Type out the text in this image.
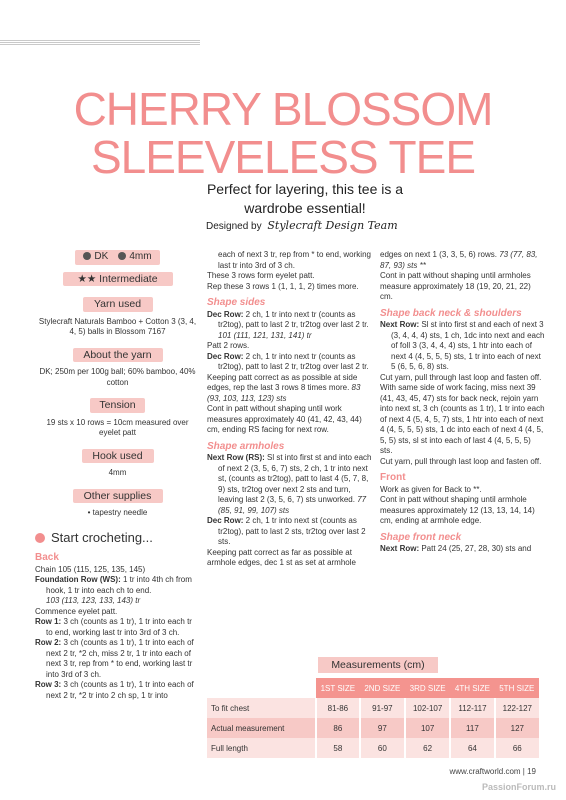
CHERRY BLOSSOM
SLEEVELESS TEE
Perfect for layering, this tee is a wardrobe essential!
Designed by Stylecraft Design Team
DK	4mm
★★ Intermediate
Yarn used
Stylecraft Naturals Bamboo + Cotton 3 (3, 4, 4, 5) balls in Blossom 7167
About the yarn
DK; 250m per 100g ball; 60% bamboo, 40% cotton
Tension
19 sts x 10 rows = 10cm measured over eyelet patt
Hook used
4mm
Other supplies
• tapestry needle
Start crocheting...
Back

Chain 105 (115, 125, 135, 145)

Foundation Row (WS): 1 tr into 4th ch from hook, 1 tr into each ch to end.
103 (113, 123, 133, 143) tr

Commence eyelet patt.

Row 1: 3 ch (counts as 1 tr), 1 tr into each tr to end, working last tr into 3rd of 3 ch.

Row 2: 3 ch (counts as 1 tr), 1 tr into each of next 2 tr, *2 ch, miss 2 tr, 1 tr into each of next 3 tr, rep from * to end, working last tr into 3rd of 3 ch.

Row 3: 3 ch (counts as 1 tr), 1 tr into each of next 2 tr, *2 tr into 2 ch sp, 1 tr into

each of next 3 tr, rep from * to end, working last tr into 3rd of 3 ch.

These 3 rows form eyelet patt.

Rep these 3 rows 1 (1, 1, 1, 2) times more.

Shape sides

Dec Row: 2 ch, 1 tr into next tr (counts as tr2tog), patt to last 2 tr, tr2tog over last 2 tr. 101 (111, 121, 131, 141) tr

Patt 2 rows.

Dec Row: 2 ch, 1 tr into next tr (counts as tr2tog), patt to last 2 tr, tr2tog over last 2 tr.

Keeping patt correct as as possible at side edges, rep the last 3 rows 8 times more. 83 (93, 103, 113, 123) sts

Cont in patt without shaping until work measures approximately 40 (41, 42, 43, 44) cm, ending RS facing for next row.

Shape armholes

Next Row (RS): Sl st into first st and into each of next 2 (3, 5, 6, 7) sts, 2 ch, 1 tr into next st, (counts as tr2tog), patt to last 4 (5, 7, 8, 9) sts, tr2tog over next 2 sts and turn, leaving last 2 (3, 5, 6, 7) sts unworked. 77 (85, 91, 99, 107) sts

Dec Row: 2 ch, 1 tr into next st (counts as tr2tog), patt to last 2 sts, tr2tog over last 2 sts.

Keeping patt correct as far as possible at armhole edges, dec 1 st as set at armhole

edges on next 1 (3, 3, 5, 6) rows. 73 (77, 83, 87, 93) sts **

Cont in patt without shaping until armholes measure approximately 18 (19, 20, 21, 22) cm.

Shape back neck & shoulders

Next Row: Sl st into first st and each of next 3 (3, 4, 4, 4) sts, 1 ch, 1dc into next and each of foll 3 (3, 4, 4, 4) sts, 1 htr into each of next 4 (4, 5, 5, 5) sts, 1 tr into each of next 5 (6, 5, 6, 8) sts.

Cut yarn, pull through last loop and fasten off.

With same side of work facing, miss next 39 (41, 43, 45, 47) sts for back neck, rejoin yarn into next st, 3 ch (counts as 1 tr), 1 tr into each of next 4 (5, 4, 5, 7) sts, 1 htr into each of next 4 (4, 5, 5, 5) sts, 1 dc into each of next 4 (4, 5, 5, 5) sts, sl st into each of last 4 (4, 5, 5, 5) sts.

Cut yarn, pull through last loop and fasten off.

Front

Work as given for Back to **.

Cont in patt without shaping until armhole measures approximately 12 (13, 13, 14, 14) cm, ending at armhole edge.

Shape front neck

Next Row: Patt 24 (25, 27, 28, 30) sts and

Measurements (cm)
	1ST SIZE	2ND SIZE	3RD SIZE	4TH SIZE	5TH SIZE
To fit chest	81-86	91-97	102-107	112-117	122-127
Actual measurement	86	97	107	117	127
Full length	58	60	62	64	66
www.craftworld.com | 19
PassionForum.ru
